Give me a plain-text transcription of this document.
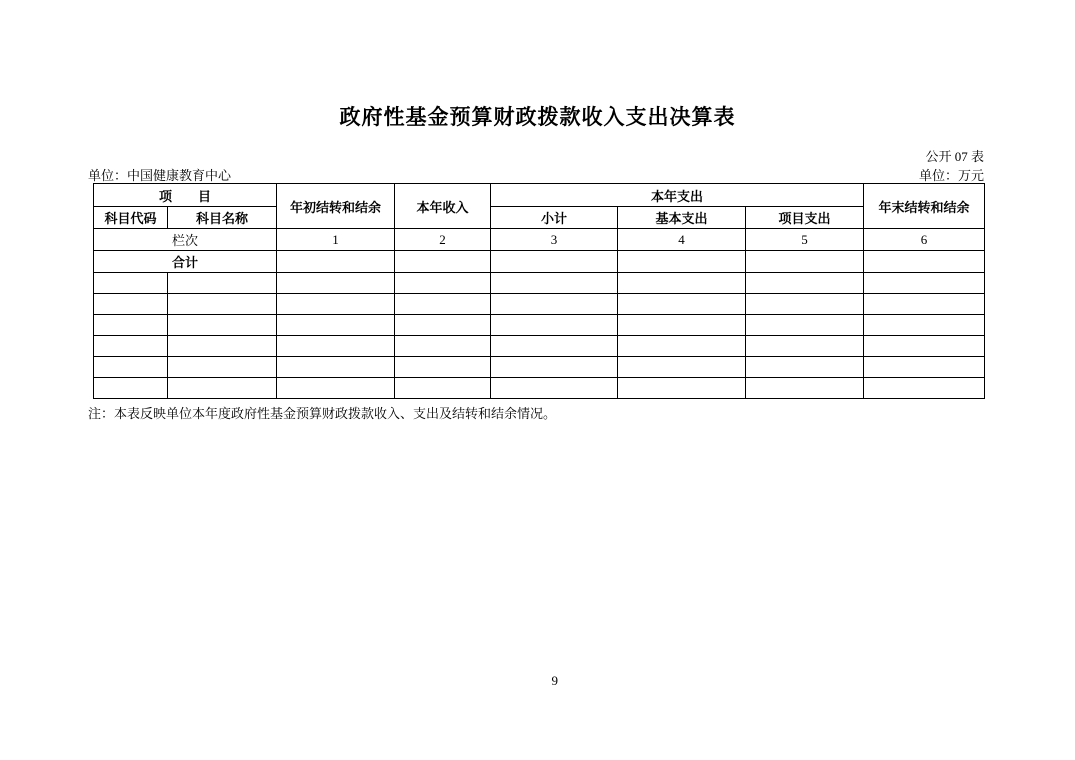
政府性基金预算财政拨款收入支出决算表
公开 07 表
单位：中国健康教育中心	单位：万元
项　　目		年初结转和结余	本年收入	本年支出			年末结转和结余
科目代码	科目名称			小计	基本支出	项目支出	
栏次		1	2	3	4	5	6
合计							

注：本表反映单位本年度政府性基金预算财政拨款收入、支出及结转和结余情况。
9
